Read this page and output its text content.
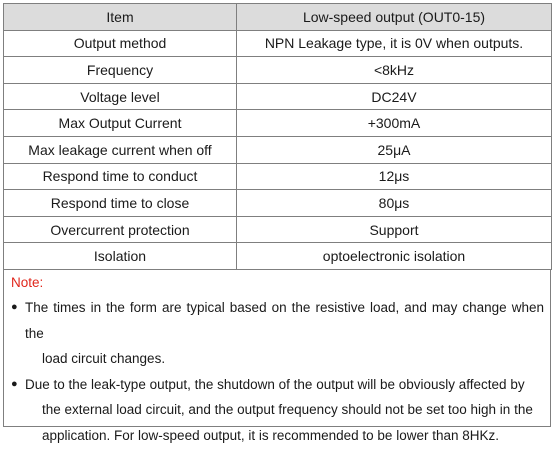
Item	Low-speed output (OUT0-15)
Output method	NPN Leakage type, it is 0V when outputs.
Frequency	<8kHz
Voltage level	DC24V
Max Output Current	+300mA
Max leakage current when off	25μA
Respond time to conduct	12μs
Respond time to close	80μs
Overcurrent protection	Support
Isolation	optoelectronic isolation
Note:
● The times in the form are typical based on the resistive load, and may change when the
load circuit changes.
● Due to the leak-type output, the shutdown of the output will be obviously affected by
the external load circuit, and the output frequency should not be set too high in the
application. For low-speed output, it is recommended to be lower than 8HKz.
